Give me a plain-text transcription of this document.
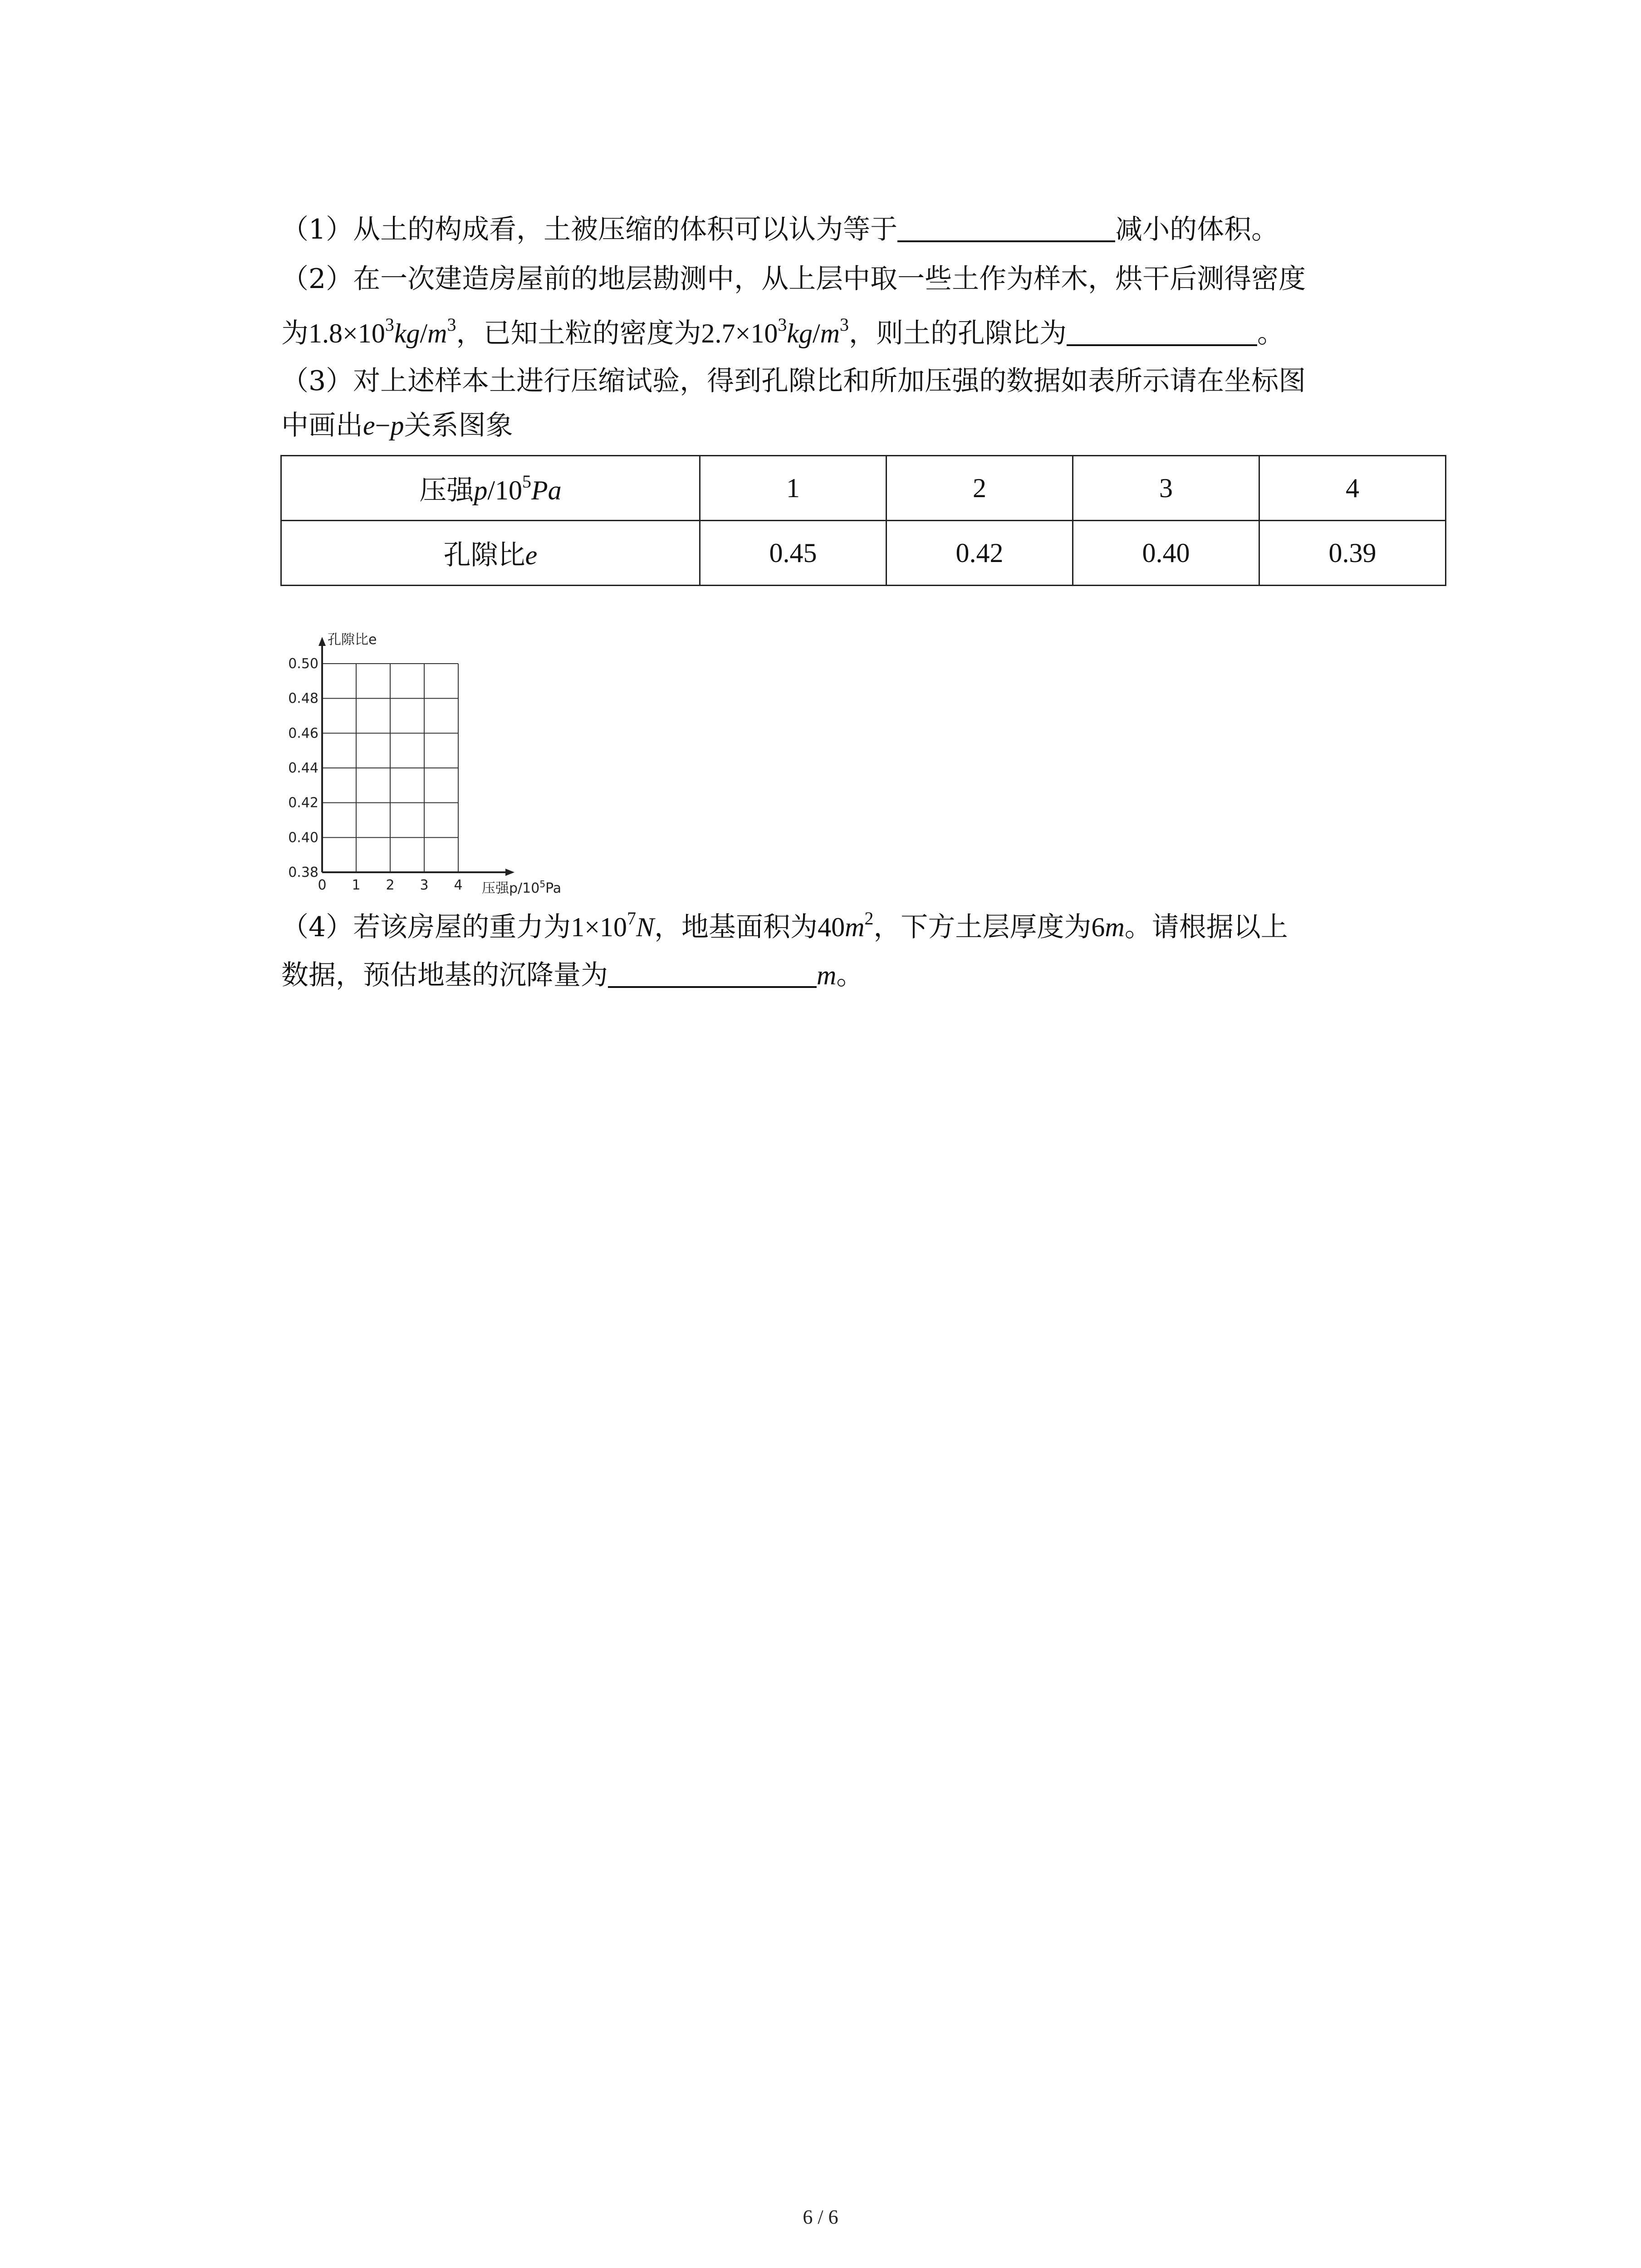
（1）从土的构成看，土被压缩的体积可以认为等于	减小的体积。
（2）在一次建造房屋前的地层勘测中，从上层中取一些土作为样木，烘干后测得密度
为$1.8\times 10^3kg/m^3$，已知土粒的密度为$2.7\times 10^3kg/m^3$，则土的孔隙比为	。
（3）对上述样本土进行压缩试验，得到孔隙比和所加压强的数据如表所示请在坐标图
中画出e−p关系图象
压强$p/10^5Pa$	1	2	3	4
孔隙比e	0.45	0.42	0.40	0.39
孔隙比e
0.50
0.48
0.46
0.44
0.42
0.40
0.38
0 1 2 3 4 压强$p/10^5Pa$
（4）若该房屋的重力为$1\times 10^7N$，地基面积为$40m^2$，下方土层厚度为6m。请根据以上
数据，预估地基的沉降量为	m。
6 / 6
